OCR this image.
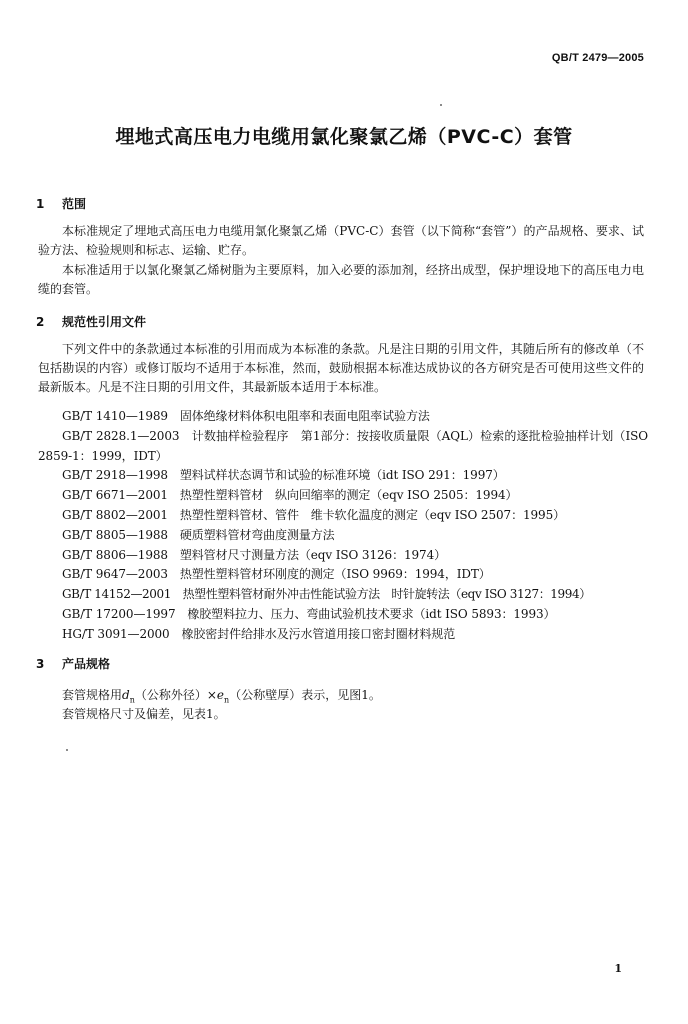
QB/T 2479—2005
埋地式高压电力电缆用氯化聚氯乙烯（PVC-C）套管
1 范围
本标准规定了埋地式高压电力电缆用氯化聚氯乙烯（PVC-C）套管（以下简称“套管”）的产品规格、要求、试验方法、检验规则和标志、运输、贮存。
本标准适用于以氯化聚氯乙烯树脂为主要原料，加入必要的添加剂，经挤出成型，保护埋设地下的高压电力电缆的套管。
2 规范性引用文件
下列文件中的条款通过本标准的引用而成为本标准的条款。凡是注日期的引用文件，其随后所有的修改单（不包括勘误的内容）或修订版均不适用于本标准，然而，鼓励根据本标准达成协议的各方研究是否可使用这些文件的最新版本。凡是不注日期的引用文件，其最新版本适用于本标准。
GB/T 1410—1989　固体绝缘材料体积电阻率和表面电阻率试验方法
GB/T 2828.1—2003　计数抽样检验程序　第1部分：按接收质量限（AQL）检索的逐批检验抽样计划（ISO 2859-1：1999，IDT）
GB/T 2918—1998　塑料试样状态调节和试验的标准环境（idt ISO 291：1997）
GB/T 6671—2001　热塑性塑料管材　纵向回缩率的测定（eqv ISO 2505：1994）
GB/T 8802—2001　热塑性塑料管材、管件　维卡软化温度的测定（eqv ISO 2507：1995）
GB/T 8805—1988　硬质塑料管材弯曲度测量方法
GB/T 8806—1988　塑料管材尺寸测量方法（eqv ISO 3126：1974）
GB/T 9647—2003　热塑性塑料管材环刚度的测定（ISO 9969：1994，IDT）
GB/T 14152—2001　热塑性塑料管材耐外冲击性能试验方法　时针旋转法（eqv ISO 3127：1994）
GB/T 17200—1997　橡胶塑料拉力、压力、弯曲试验机技术要求（idt ISO 5893：1993）
HG/T 3091—2000　橡胶密封件给排水及污水管道用接口密封圈材料规范
3 产品规格
套管规格用$d_n$（公称外径）$\times e_n$（公称壁厚）表示，见图1。
套管规格尺寸及偏差，见表1。
1
